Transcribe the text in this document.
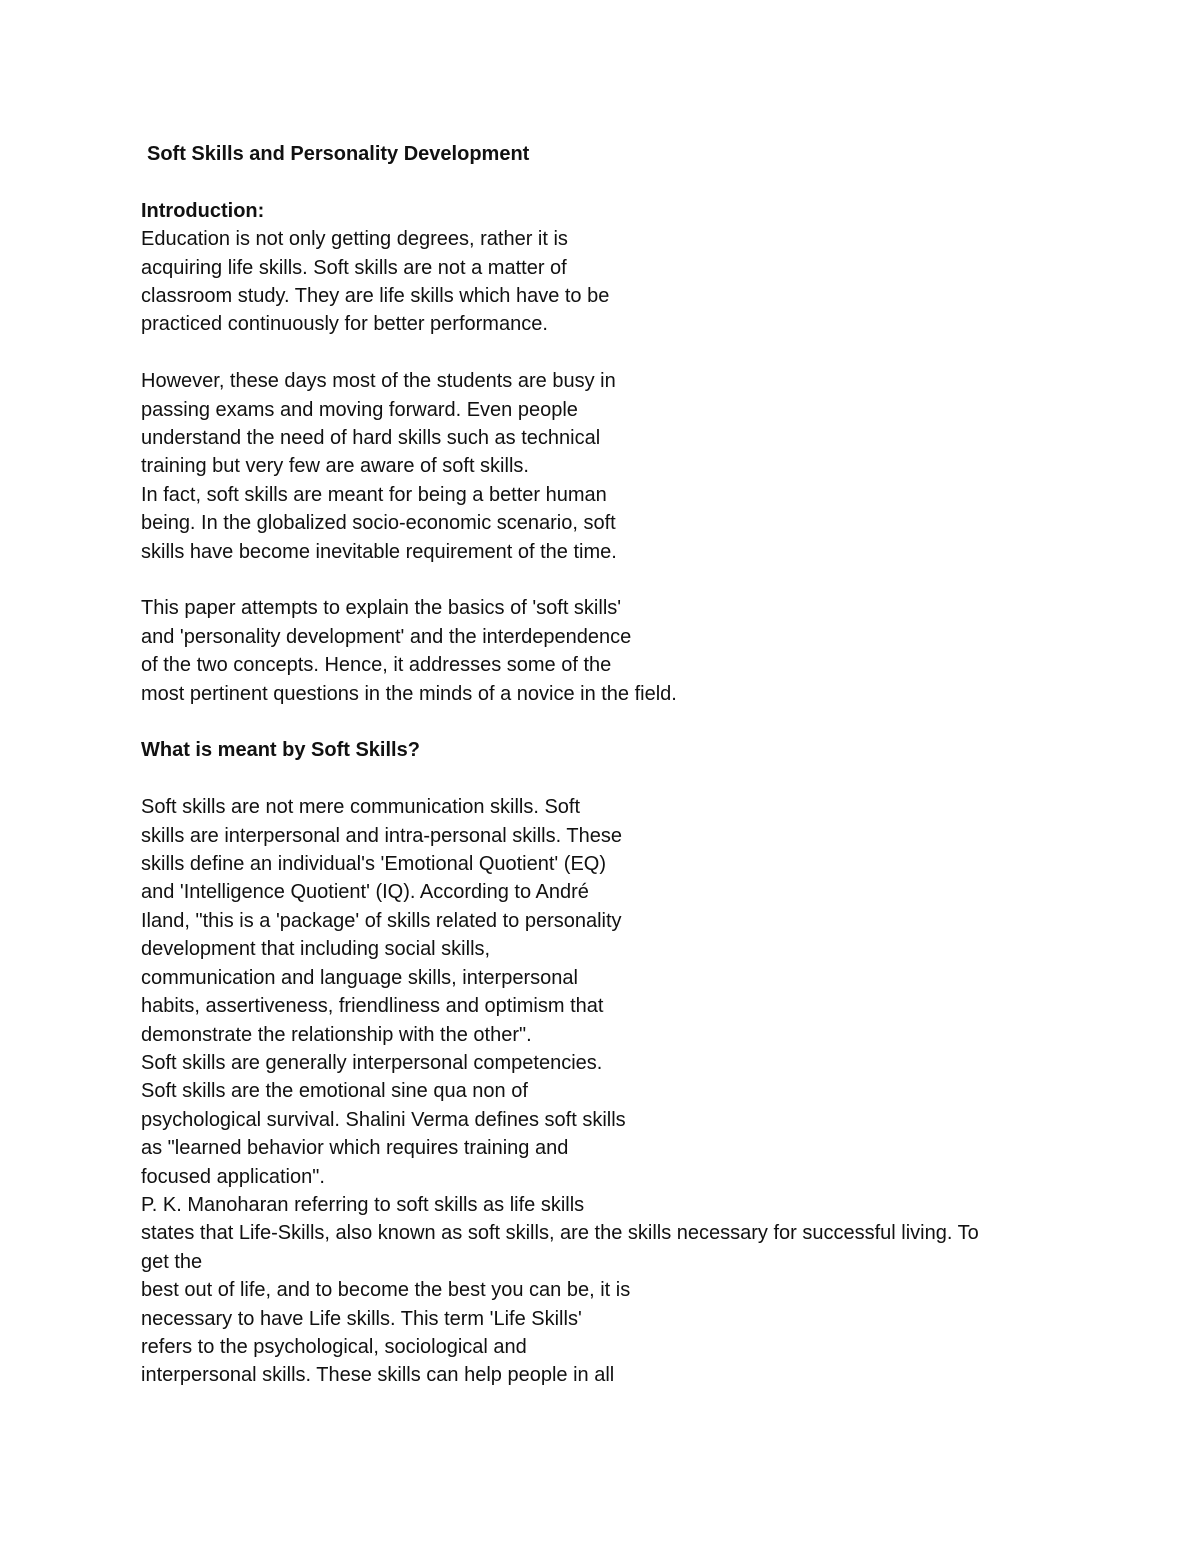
Soft Skills and Personality Development
Introduction:
Education is not only getting degrees, rather it is
acquiring life skills. Soft skills are not a matter of
classroom study. They are life skills which have to be
practiced continuously for better performance.
However, these days most of the students are busy in
passing exams and moving forward. Even people
understand the need of hard skills such as technical
training but very few are aware of soft skills.
In fact, soft skills are meant for being a better human
being. In the globalized socio-economic scenario, soft
skills have become inevitable requirement of the time.
This paper attempts to explain the basics of 'soft skills'
and 'personality development' and the interdependence
of the two concepts. Hence, it addresses some of the
most pertinent questions in the minds of a novice in the field.
What is meant by Soft Skills?
Soft skills are not mere communication skills. Soft
skills are interpersonal and intra-personal skills. These
skills define an individual's 'Emotional Quotient' (EQ)
and 'Intelligence Quotient' (IQ). According to André
Iland, "this is a 'package' of skills related to personality
development that including social skills,
communication and language skills, interpersonal
habits, assertiveness, friendliness and optimism that
demonstrate the relationship with the other".
Soft skills are generally interpersonal competencies.
Soft skills are the emotional sine qua non of
psychological survival. Shalini Verma defines soft skills
as "learned behavior which requires training and
focused application".
P. K. Manoharan referring to soft skills as life skills
states that Life-Skills, also known as soft skills, are the skills necessary for successful living. To
get the
best out of life, and to become the best you can be, it is
necessary to have Life skills. This term 'Life Skills'
refers to the psychological, sociological and
interpersonal skills. These skills can help people in all
